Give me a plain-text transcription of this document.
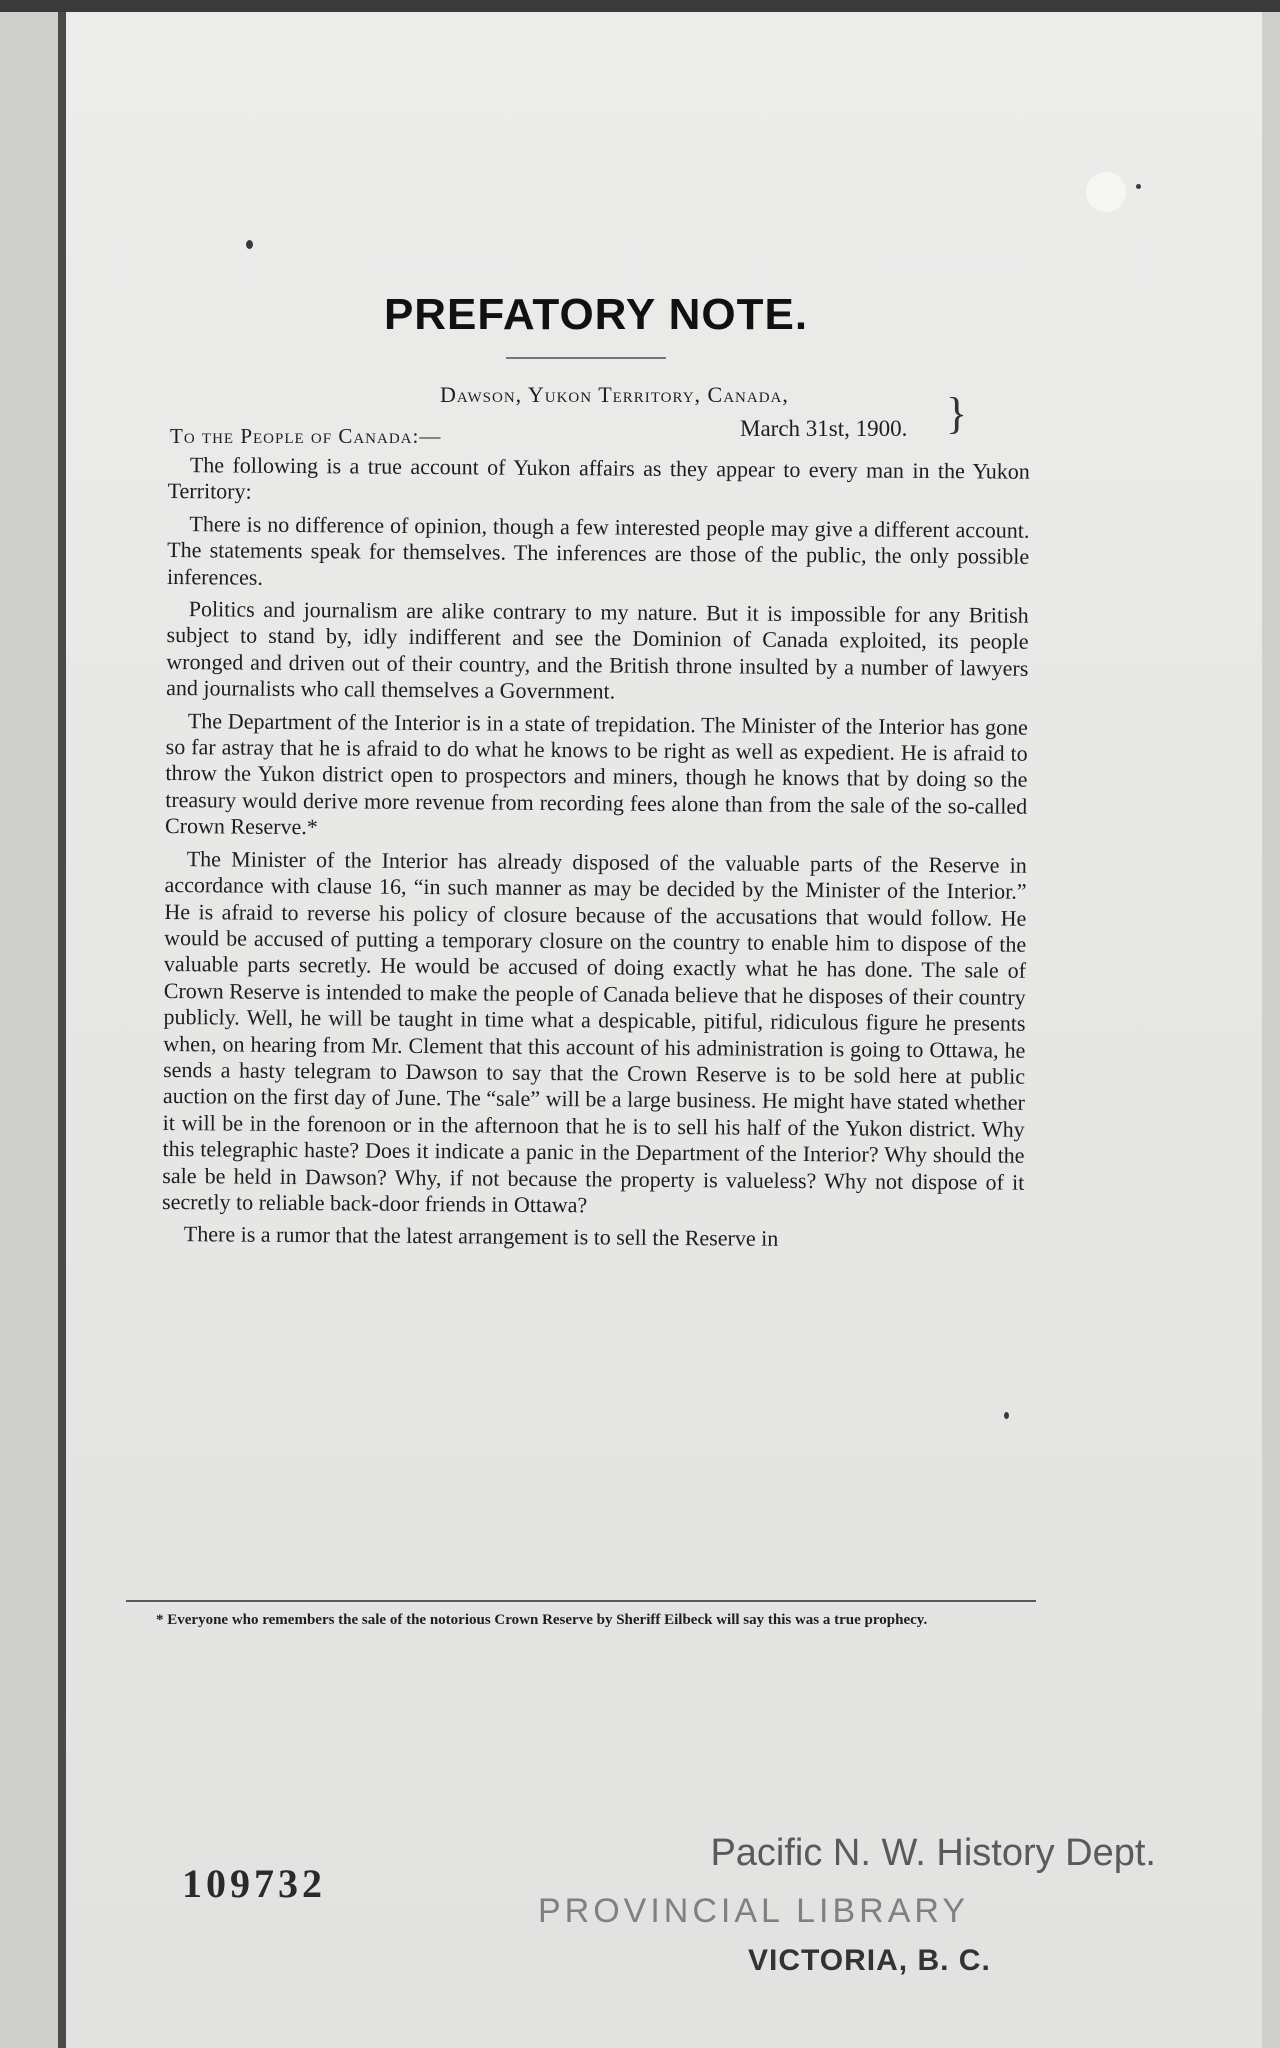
PREFATORY NOTE.
Dawson, Yukon Territory, Canada,
March 31st, 1900. }
To the People of Canada:—

The following is a true account of Yukon affairs as they appear to every man in the Yukon Territory:

There is no difference of opinion, though a few interested people may give a different account. The statements speak for themselves. The inferences are those of the public, the only possible inferences.

Politics and journalism are alike contrary to my nature. But it is impossible for any British subject to stand by, idly indifferent and see the Dominion of Canada exploited, its people wronged and driven out of their country, and the British throne insulted by a number of lawyers and journalists who call themselves a Government.

The Department of the Interior is in a state of trepidation. The Minister of the Interior has gone so far astray that he is afraid to do what he knows to be right as well as expedient. He is afraid to throw the Yukon district open to prospectors and miners, though he knows that by doing so the treasury would derive more revenue from recording fees alone than from the sale of the so-called Crown Reserve.*

The Minister of the Interior has already disposed of the valuable parts of the Reserve in accordance with clause 16, “in such manner as may be decided by the Minister of the Interior.” He is afraid to reverse his policy of closure because of the accusations that would follow. He would be accused of putting a temporary closure on the country to enable him to dispose of the valuable parts secretly. He would be accused of doing exactly what he has done. The sale of Crown Reserve is intended to make the people of Canada believe that he disposes of their country publicly. Well, he will be taught in time what a despicable, pitiful, ridiculous figure he presents when, on hearing from Mr. Clement that this account of his administration is going to Ottawa, he sends a hasty telegram to Dawson to say that the Crown Reserve is to be sold here at public auction on the first day of June. The “sale” will be a large business. He might have stated whether it will be in the forenoon or in the afternoon that he is to sell his half of the Yukon district. Why this telegraphic haste? Does it indicate a panic in the Department of the Interior? Why should the sale be held in Dawson? Why, if not because the property is valueless? Why not dispose of it secretly to reliable back-door friends in Ottawa?

There is a rumor that the latest arrangement is to sell the Reserve in

* Everyone who remembers the sale of the notorious Crown Reserve by Sheriff Eilbeck will say this was a true prophecy.
109732
Pacific N. W. History Dept.
PROVINCIAL LIBRARY
VICTORIA, B. C.
